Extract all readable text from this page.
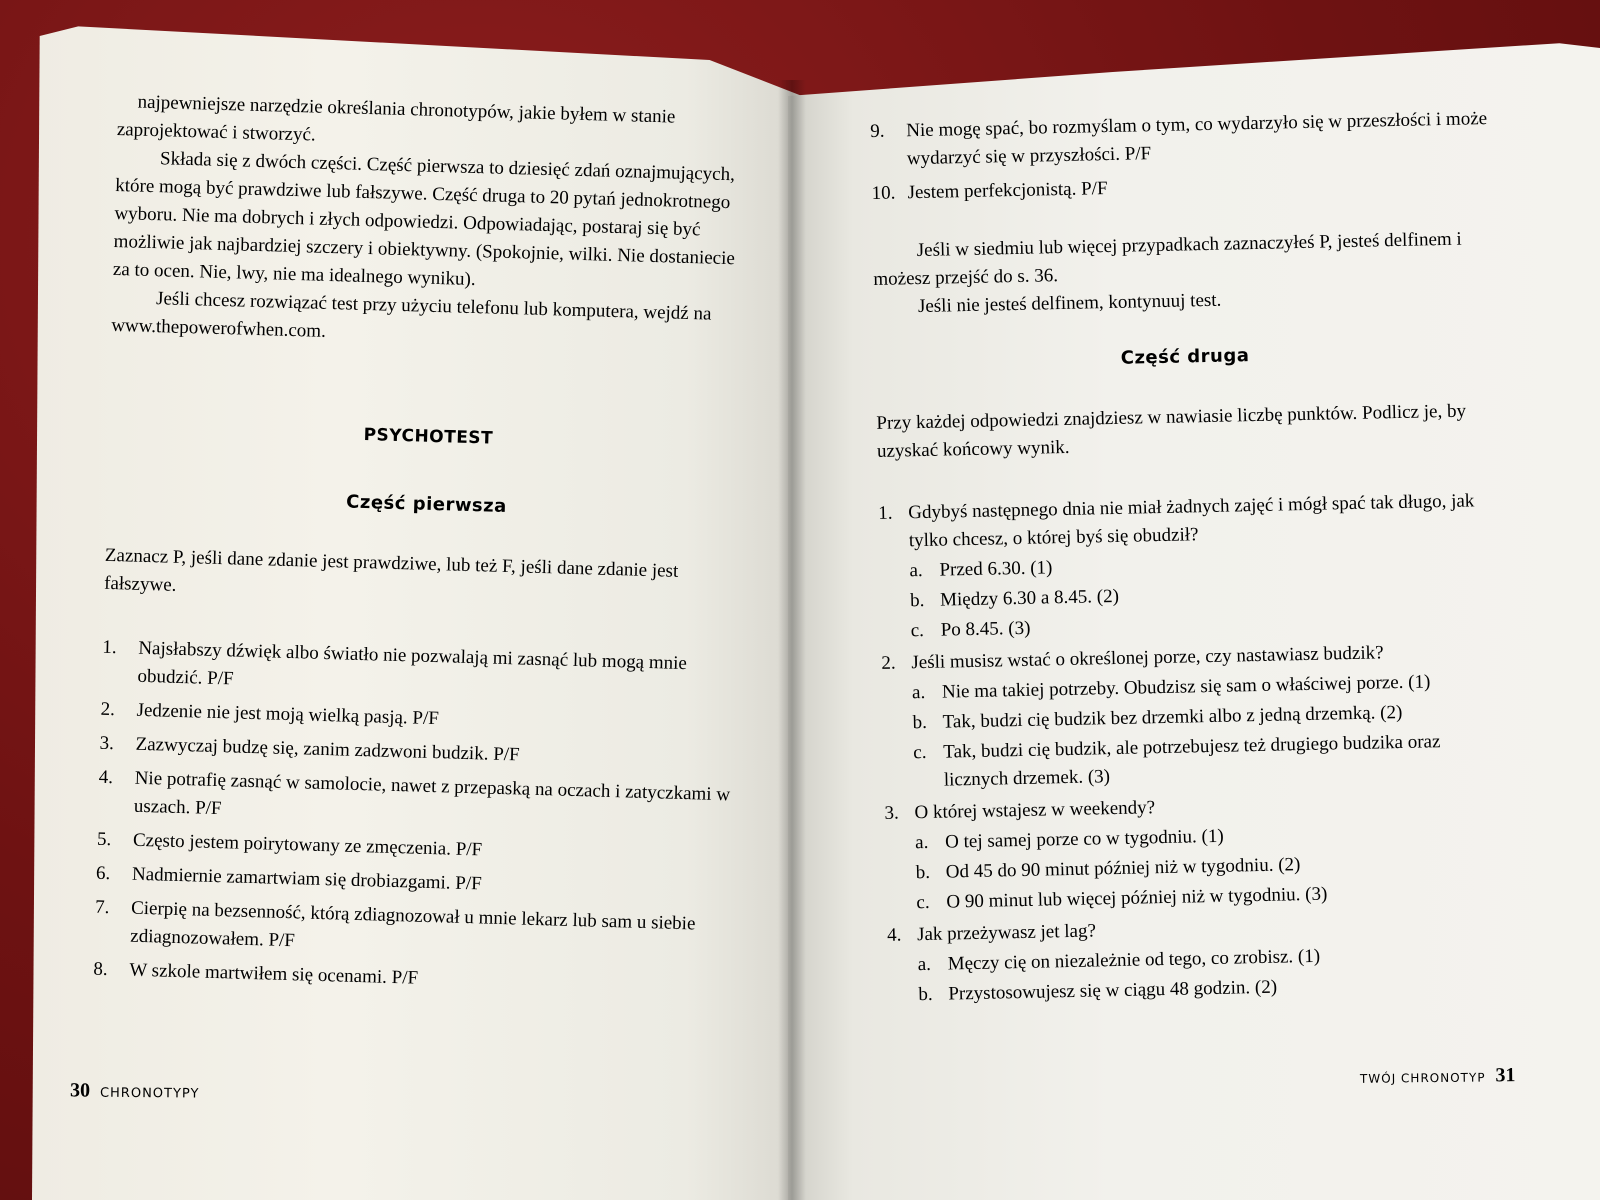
najpewniejsze narzędzie określania chronotypów, jakie byłem w stanie zaprojektować i stworzyć.

Składa się z dwóch części. Część pierwsza to dziesięć zdań oznajmujących, które mogą być prawdziwe lub fałszywe. Część druga to 20 pytań jednokrotnego wyboru. Nie ma dobrych i złych odpowiedzi. Odpowiadając, postaraj się być możliwie jak najbardziej szczery i obiektywny. (Spokojnie, wilki. Nie dostaniecie za to ocen. Nie, lwy, nie ma idealnego wyniku).

Jeśli chcesz rozwiązać test przy użyciu telefonu lub komputera, wejdź na www.thepowerofwhen.com.

PSYCHOTEST
Część pierwsza

Zaznacz P, jeśli dane zdanie jest prawdziwe, lub też F, jeśli dane zdanie jest fałszywe.

1.	Najsłabszy dźwięk albo światło nie pozwalają mi zasnąć lub mogą mnie obudzić. P/F
2.	Jedzenie nie jest moją wielką pasją. P/F
3.	Zazwyczaj budzę się, zanim zadzwoni budzik. P/F
4.	Nie potrafię zasnąć w samolocie, nawet z przepaską na oczach i zatyczkami w uszach. P/F
5.	Często jestem poirytowany ze zmęczenia. P/F
6.	Nadmiernie zamartwiam się drobiazgami. P/F
7.	Cierpię na bezsenność, którą zdiagnozował u mnie lekarz lub sam u siebie zdiagnozowałem. P/F
8.	W szkole martwiłem się ocenami. P/F
30 CHRONOTYPY
9.	Nie mogę spać, bo rozmyślam o tym, co wydarzyło się w przeszłości i może wydarzyć się w przyszłości. P/F
10. Jestem perfekcjonistą. P/F

Jeśli w siedmiu lub więcej przypadkach zaznaczyłeś P, jesteś delfinem i możesz przejść do s. 36.

Jeśli nie jesteś delfinem, kontynuuj test.

Część druga

Przy każdej odpowiedzi znajdziesz w nawiasie liczbę punktów. Podlicz je, by uzyskać końcowy wynik.

1. Gdybyś następnego dnia nie miał żadnych zajęć i mógł spać tak długo, jak tylko chcesz, o której byś się obudził?
a. Przed 6.30. (1)
b. Między 6.30 a 8.45. (2)
c. Po 8.45. (3)
2. Jeśli musisz wstać o określonej porze, czy nastawiasz budzik?
a. Nie ma takiej potrzeby. Obudzisz się sam o właściwej porze. (1)
b. Tak, budzi cię budzik bez drzemki albo z jedną drzemką. (2)
c. Tak, budzi cię budzik, ale potrzebujesz też drugiego budzika oraz licznych drzemek. (3)
3. O której wstajesz w weekendy?
a. O tej samej porze co w tygodniu. (1)
b. Od 45 do 90 minut później niż w tygodniu. (2)
c. O 90 minut lub więcej później niż w tygodniu. (3)
4. Jak przeżywasz jet lag?
a. Męczy cię on niezależnie od tego, co zrobisz. (1)
b. Przystosowujesz się w ciągu 48 godzin. (2)
TWÓJ CHRONOTYP 31
